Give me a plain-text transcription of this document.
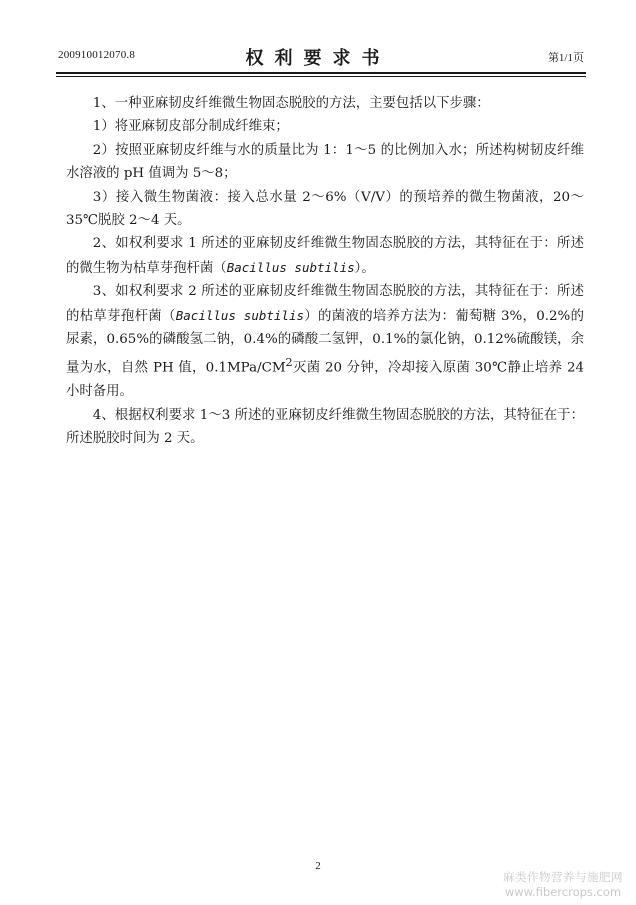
200910012070.8	权利要求书	第1/1页

1、一种亚麻韧皮纤维微生物固态脱胶的方法，主要包括以下步骤：

1）将亚麻韧皮部分制成纤维束；

2）按照亚麻韧皮纤维与水的质量比为 1：1～5 的比例加入水；所述构树韧皮纤维水溶液的 pH 值调为 5～8；

3）接入微生物菌液：接入总水量 2～6%（V/V）的预培养的微生物菌液，20～35℃脱胶 2～4 天。

2、如权利要求 1 所述的亚麻韧皮纤维微生物固态脱胶的方法，其特征在于：所述的微生物为枯草芽孢杆菌（Bacillus subtilis）。

3、如权利要求 2 所述的亚麻韧皮纤维微生物固态脱胶的方法，其特征在于：所述的枯草芽孢杆菌（Bacillus subtilis）的菌液的培养方法为：葡萄糖 3%，0.2%的尿素，0.65%的磷酸氢二钠，0.4%的磷酸二氢钾，0.1%的氯化钠，0.12%硫酸镁，余量为水，自然 PH 值，$0.1MPa/CM^2$灭菌 20 分钟，冷却接入原菌 30℃静止培养 24 小时备用。

4、根据权利要求 1～3 所述的亚麻韧皮纤维微生物固态脱胶的方法，其特征在于：所述脱胶时间为 2 天。

2
麻类作物营养与施肥网
www.fibercrops.com
